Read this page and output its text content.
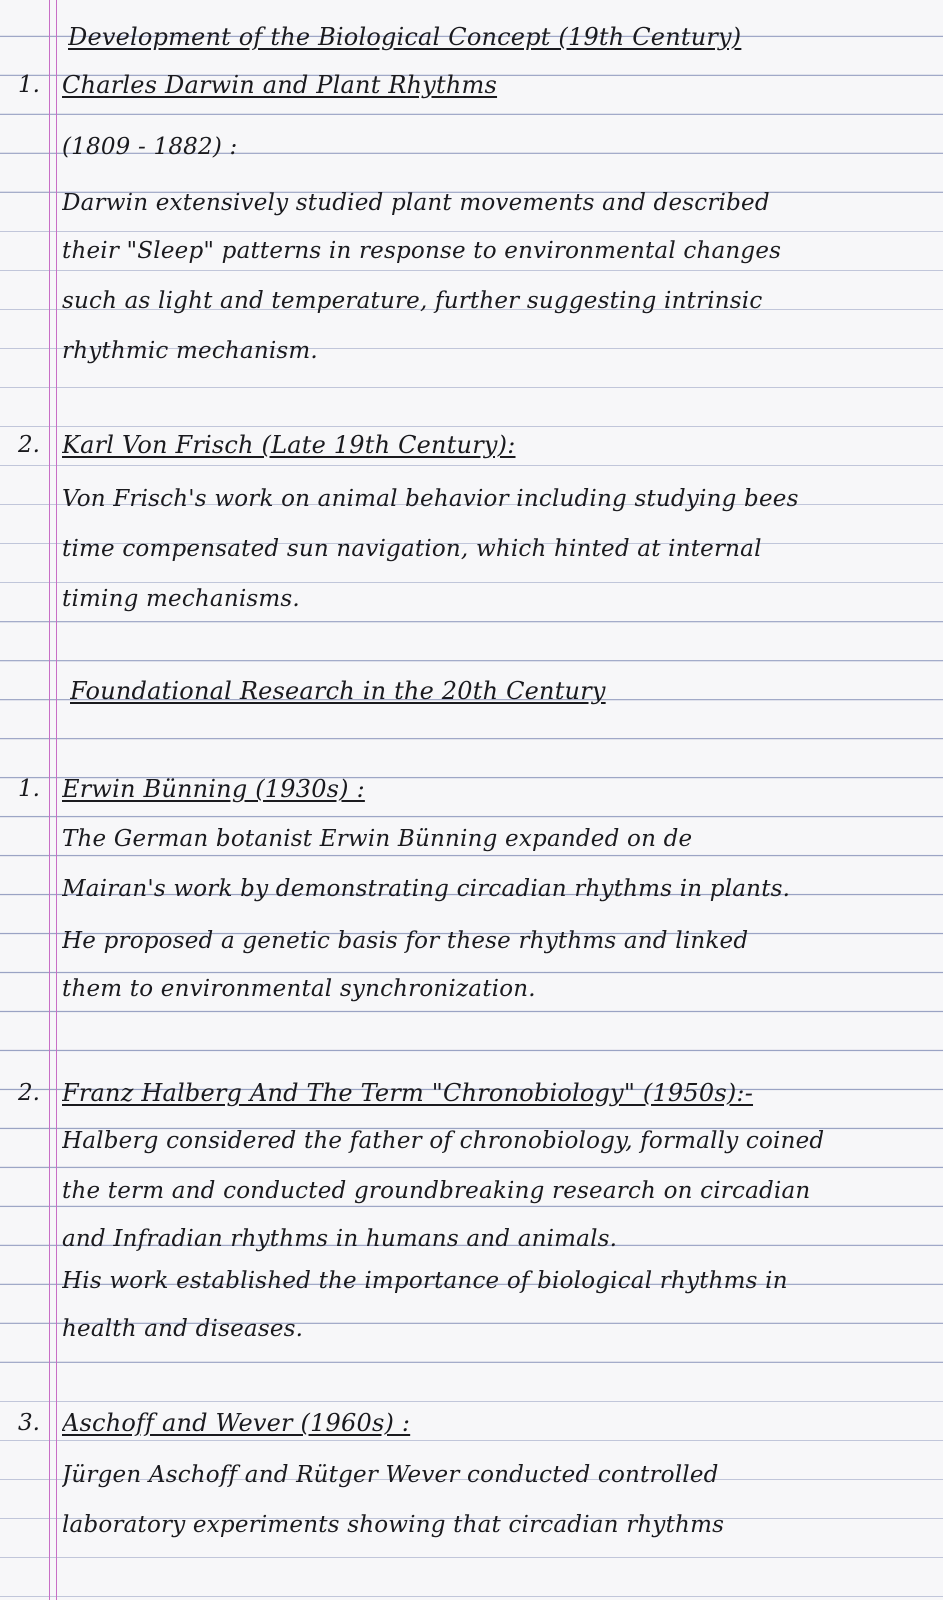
Development of the Biological Concept (19th Century)
1. Charles Darwin and Plant Rhythms
(1809 - 1882) :
Darwin extensively studied plant movements and described
their "Sleep" patterns in response to environmental changes
such as light and temperature, further suggesting intrinsic
rhythmic mechanism.
2. Karl Von Frisch (Late 19th Century):
Von Frisch's work on animal behavior including studying bees
time compensated sun navigation, which hinted at internal
timing mechanisms.
Foundational Research in the 20th Century
1. Erwin Bünning (1930s) :
The German botanist Erwin Bünning expanded on de
Mairan's work by demonstrating circadian rhythms in plants.
He proposed a genetic basis for these rhythms and linked
them to environmental synchronization.
2. Franz Halberg And The Term "Chronobiology" (1950s):-
Halberg considered the father of chronobiology, formally coined
the term and conducted groundbreaking research on circadian
and Infradian rhythms in humans and animals.
His work established the importance of biological rhythms in
health and diseases.
3. Aschoff and Wever (1960s) :
Jürgen Aschoff and Rütger Wever conducted controlled
laboratory experiments showing that circadian rhythms
